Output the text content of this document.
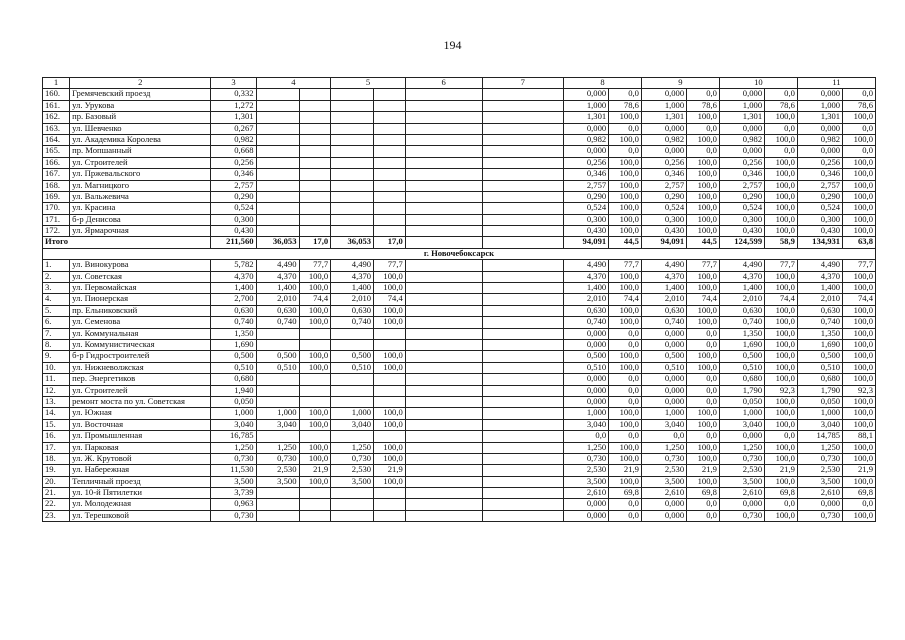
194
1	2	3	4		5		6	7	8		9		10		11	
160.	Гремячевский проезд	0,332							0,000	0,0	0,000	0,0	0,000	0,0	0,000	0,0
161.	ул. Урукова	1,272							1,000	78,6	1,000	78,6	1,000	78,6	1,000	78,6
162.	пр. Базовый	1,301							1,301	100,0	1,301	100,0	1,301	100,0	1,301	100,0
163.	ул. Шевченко	0,267							0,000	0,0	0,000	0,0	0,000	0,0	0,000	0,0
164.	ул. Академика Королева	0,982							0,982	100,0	0,982	100,0	0,982	100,0	0,982	100,0
165.	пр. Мопшанный	0,668							0,000	0,0	0,000	0,0	0,000	0,0	0,000	0,0
166.	ул. Строителей	0,256							0,256	100,0	0,256	100,0	0,256	100,0	0,256	100,0
167.	ул. Пржевальского	0,346							0,346	100,0	0,346	100,0	0,346	100,0	0,346	100,0
168.	ул. Магницкого	2,757							2,757	100,0	2,757	100,0	2,757	100,0	2,757	100,0
169.	ул. Вальжевича	0,290							0,290	100,0	0,290	100,0	0,290	100,0	0,290	100,0
170.	ул. Красина	0,524							0,524	100,0	0,524	100,0	0,524	100,0	0,524	100,0
171.	б-р Денисова	0,300							0,300	100,0	0,300	100,0	0,300	100,0	0,300	100,0
172.	ул. Ярмарочная	0,430							0,430	100,0	0,430	100,0	0,430	100,0	0,430	100,0
Итого		211,560	36,053	17,0	36,053	17,0			94,091	44,5	94,091	44,5	124,599	58,9	134,931	63,8
г. Новочебоксарск																
1.	ул. Винокурова	5,782	4,490	77,7	4,490	77,7			4,490	77,7	4,490	77,7	4,490	77,7	4,490	77,7
2.	ул. Советская	4,370	4,370	100,0	4,370	100,0			4,370	100,0	4,370	100,0	4,370	100,0	4,370	100,0
3.	ул. Первомайская	1,400	1,400	100,0	1,400	100,0			1,400	100,0	1,400	100,0	1,400	100,0	1,400	100,0
4.	ул. Пионерская	2,700	2,010	74,4	2,010	74,4			2,010	74,4	2,010	74,4	2,010	74,4	2,010	74,4
5.	пр. Ельниковский	0,630	0,630	100,0	0,630	100,0			0,630	100,0	0,630	100,0	0,630	100,0	0,630	100,0
6.	ул. Семенова	0,740	0,740	100,0	0,740	100,0			0,740	100,0	0,740	100,0	0,740	100,0	0,740	100,0
7.	ул. Коммунальная	1,350							0,000	0,0	0,000	0,0	1,350	100,0	1,350	100,0
8.	ул. Коммунистическая	1,690							0,000	0,0	0,000	0,0	1,690	100,0	1,690	100,0
9.	б-р Гидростроителей	0,500	0,500	100,0	0,500	100,0			0,500	100,0	0,500	100,0	0,500	100,0	0,500	100,0
10.	ул. Нижневолжская	0,510	0,510	100,0	0,510	100,0			0,510	100,0	0,510	100,0	0,510	100,0	0,510	100,0
11.	пер. Энергетиков	0,680							0,000	0,0	0,000	0,0	0,680	100,0	0,680	100,0
12.	ул. Строителей	1,940							0,000	0,0	0,000	0,0	1,790	92,3	1,790	92,3
13.	ремонт моста по ул. Советская	0,050							0,000	0,0	0,000	0,0	0,050	100,0	0,050	100,0
14.	ул. Южная	1,000	1,000	100,0	1,000	100,0			1,000	100,0	1,000	100,0	1,000	100,0	1,000	100,0
15.	ул. Восточная	3,040	3,040	100,0	3,040	100,0			3,040	100,0	3,040	100,0	3,040	100,0	3,040	100,0
16.	ул. Промышленная	16,785							0,0	0,0	0,0	0,0	0,000	0,0	14,785	88,1
17.	ул. Парковая	1,250	1,250	100,0	1,250	100,0			1,250	100,0	1,250	100,0	1,250	100,0	1,250	100,0
18.	ул. Ж. Крутовой	0,730	0,730	100,0	0,730	100,0			0,730	100,0	0,730	100,0	0,730	100,0	0,730	100,0
19.	ул. Набережная	11,530	2,530	21,9	2,530	21,9			2,530	21,9	2,530	21,9	2,530	21,9	2,530	21,9
20.	Тепличный проезд	3,500	3,500	100,0	3,500	100,0			3,500	100,0	3,500	100,0	3,500	100,0	3,500	100,0
21.	ул. 10-й Пятилетки	3,739							2,610	69,8	2,610	69,8	2,610	69,8	2,610	69,8
22.	ул. Молодежная	0,963							0,000	0,0	0,000	0,0	0,000	0,0	0,000	0,0
23.	ул. Терешковой	0,730							0,000	0,0	0,000	0,0	0,730	100,0	0,730	100,0
